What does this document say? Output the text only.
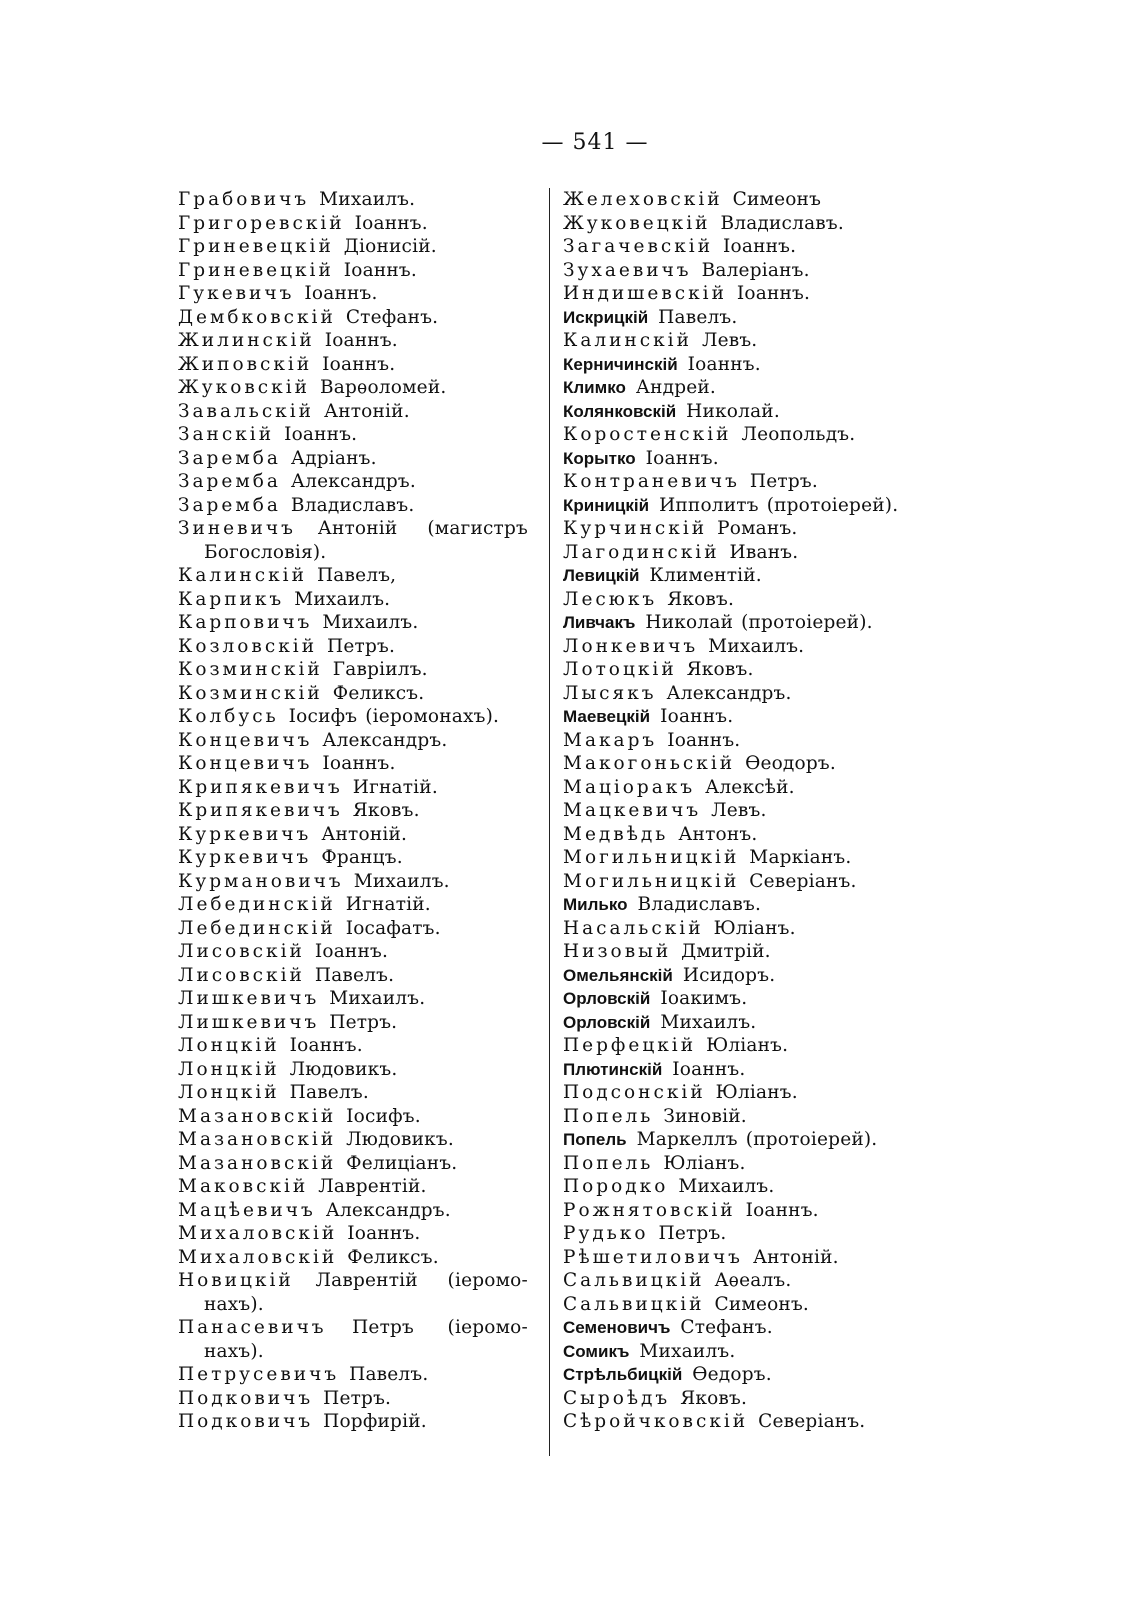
— 541 —
Грабовичъ Михаилъ.
Григоревскій Іоаннъ.
Гриневецкій Діонисій.
Гриневецкій Іоаннъ.
Гукевичъ Іоаннъ.
Дембковскій Стефанъ.
Жилинскій Іоаннъ.
Жиповскій Іоаннъ.
Жуковскій Варѳоломей.
Завальскій Антоній.
Занскій Іоаннъ.
Заремба Адріанъ.
Заремба Александръ.
Заремба Владиславъ.
Зиневичъ Антоній (магистръ
Богословія).
Калинскій Павелъ,
Карпикъ Михаилъ.
Карповичъ Михаилъ.
Козловскій Петръ.
Козминскій Гавріилъ.
Козминскій Феликсъ.
Колбусь Іосифъ (іеромонахъ).
Концевичъ Александръ.
Концевичъ Іоаннъ.
Крипякевичъ Игнатій.
Крипякевичъ Яковъ.
Куркевичъ Антоній.
Куркевичъ Францъ.
Курмановичъ Михаилъ.
Лебединскій Игнатій.
Лебединскій Іосафатъ.
Лисовскій Іоаннъ.
Лисовскій Павелъ.
Лишкевичъ Михаилъ.
Лишкевичъ Петръ.
Лонцкій Іоаннъ.
Лонцкій Людовикъ.
Лонцкій Павелъ.
Мазановскій Іосифъ.
Мазановскій Людовикъ.
Мазановскій Фелиціанъ.
Маковскій Лаврентій.
Мацѣевичъ Александръ.
Михаловскій Іоаннъ.
Михаловскій Феликсъ.
Новицкій Лаврентій (іеромо-
нахъ).
Панасевичъ Петръ (іеромо-
нахъ).
Петрусевичъ Павелъ.
Подковичъ Петръ.
Подковичъ Порфирій.
Желеховскій Симеонъ
Жуковецкій Владиславъ.
Загачевскій Іоаннъ.
Зухаевичъ Валеріанъ.
Индишевскій Іоаннъ.
Искрицкій Павелъ.
Калинскій Левъ.
Керничинскій Іоаннъ.
Климко Андрей.
Колянковскій Николай.
Коростенскій Леопольдъ.
Корытко Іоаннъ.
Контраневичъ Петръ.
Криницкій Ипполитъ (протоіерей).
Курчинскій Романъ.
Лагодинскій Иванъ.
Левицкій Климентій.
Лесюкъ Яковъ.
Ливчакъ Николай (протоіерей).
Лонкевичъ Михаилъ.
Лотоцкій Яковъ.
Лысякъ Александръ.
Маевецкій Іоаннъ.
Макаръ Іоаннъ.
Макогоньскій Ѳеодоръ.
Маціоракъ Алексѣй.
Мацкевичъ Левъ.
Медвѣдь Антонъ.
Могильницкій Маркіанъ.
Могильницкій Северіанъ.
Милько Владиславъ.
Насальскій Юліанъ.
Низовый Дмитрій.
Омельянскій Исидоръ.
Орловскій Іоакимъ.
Орловскій Михаилъ.
Перфецкій Юліанъ.
Плютинскій Іоаннъ.
Подсонскій Юліанъ.
Попель Зиновій.
Попель Маркеллъ (протоіерей).
Попель Юліанъ.
Породко Михаилъ.
Рожнятовскій Іоаннъ.
Рудько Петръ.
Рѣшетиловичъ Антоній.
Сальвицкій Аѳеалъ.
Сальвицкій Симеонъ.
Семеновичъ Стефанъ.
Сомикъ Михаилъ.
Стрѣльбицкій Ѳедоръ.
Сыроѣдъ Яковъ.
Сѣройчковскій Северіанъ.
